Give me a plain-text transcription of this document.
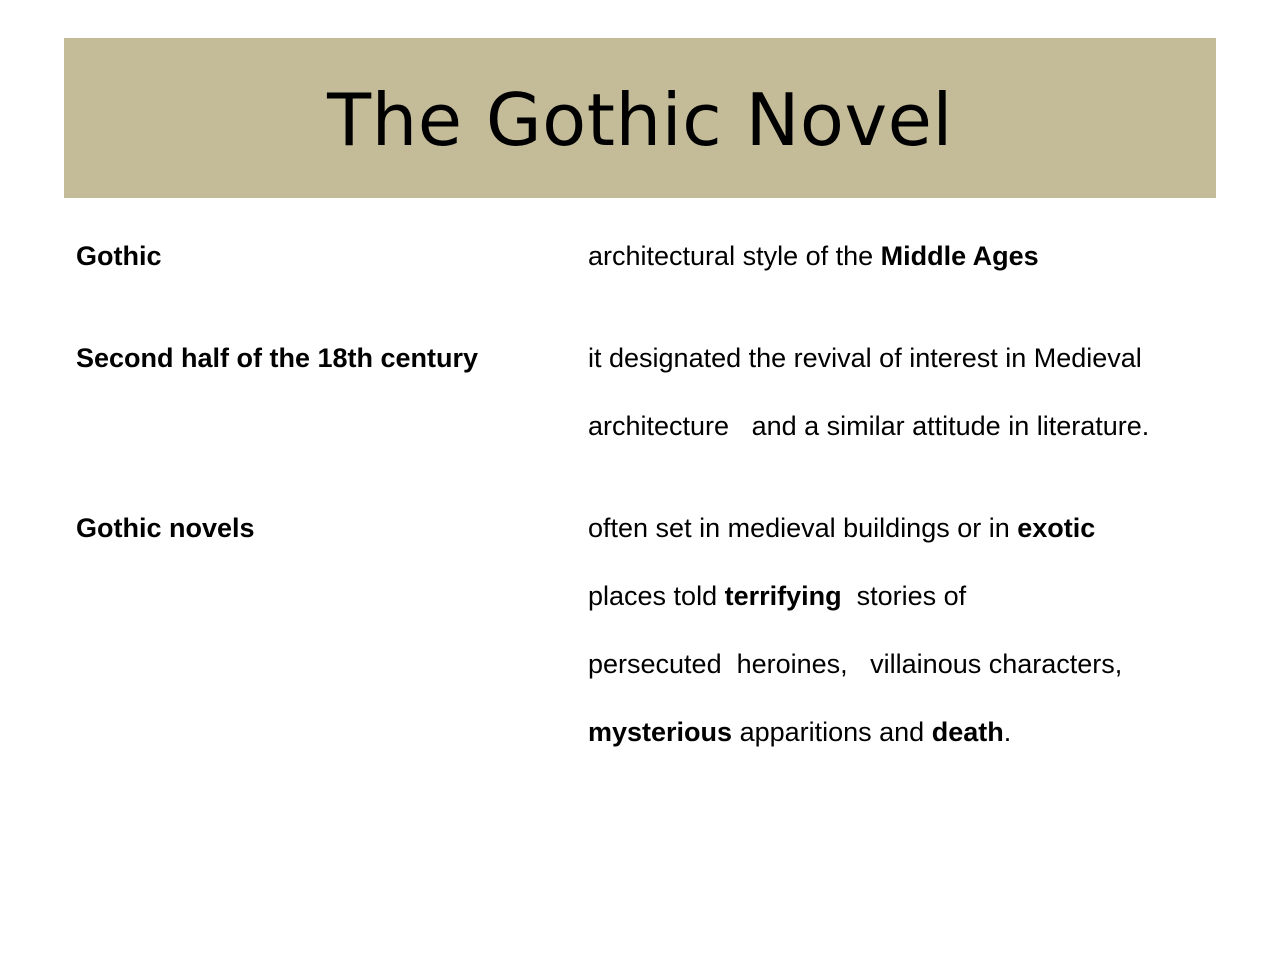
The Gothic Novel
Gothic	architectural style of the Middle Ages
Second half of the 18th century	it designated the revival of interest in Medieval
architecture   and a similar attitude in literature.
Gothic novels	often set in medieval buildings or in exotic
places told terrifying  stories of
persecuted  heroines,   villainous characters,
mysterious apparitions and death.
